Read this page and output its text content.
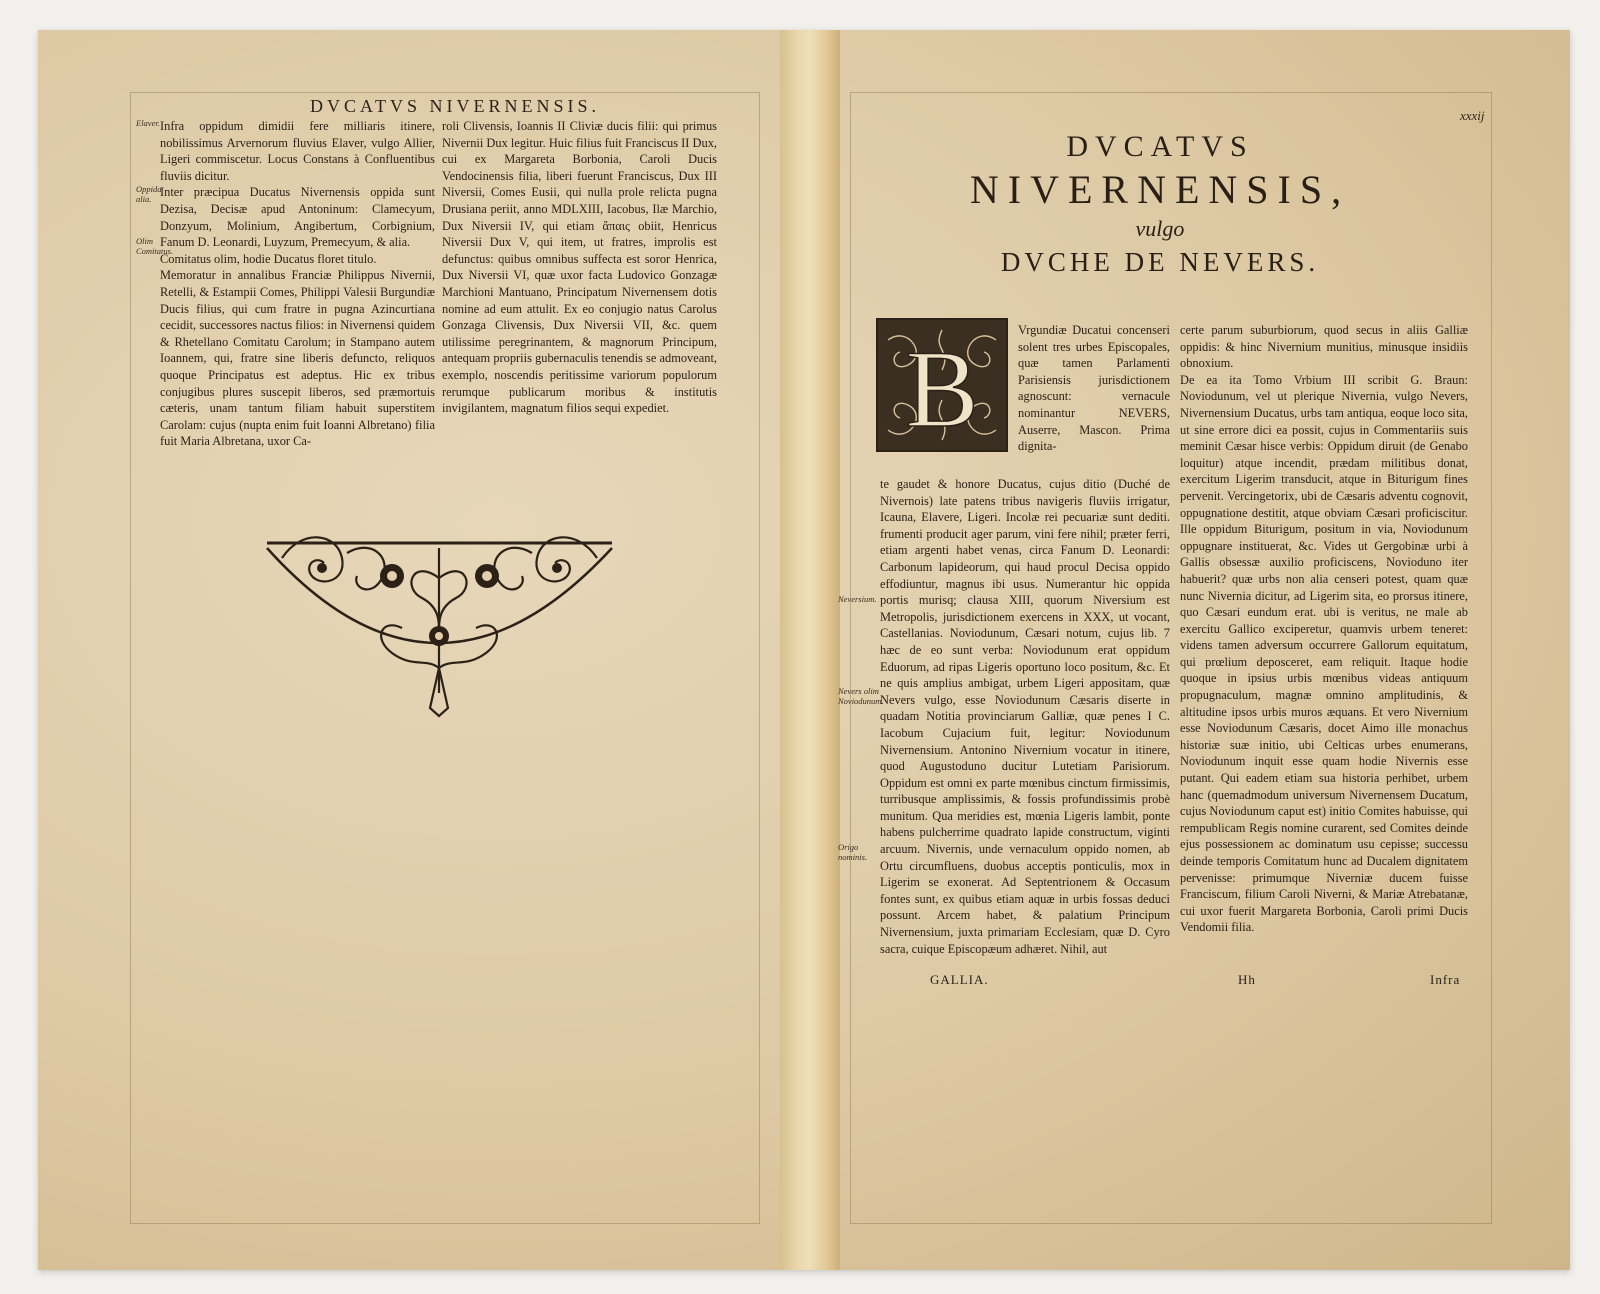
DVCATVS NIVERNENSIS.
Elaver.
Oppida alia.
Olim Comitatus.
Infra oppidum dimidii fere milliaris itinere, nobilissimus Arvernorum fluvius Elaver, vulgo Allier, Ligeri commiscetur. Locus Constans à Confluentibus fluviis dicitur.
Inter præcipua Ducatus Nivernensis oppida sunt Dezisa, Decisæ apud Antoninum: Clamecyum, Donzyum, Molinium, Angibertum, Corbignium, Fanum D. Leonardi, Luyzum, Premecyum, & alia.
Comitatus olim, hodie Ducatus floret titulo.
Memoratur in annalibus Franciæ Philippus Nivernii, Retelli, & Estampii Comes, Philippi Valesii Burgundiæ Ducis filius, qui cum fratre in pugna Azincurtiana cecidit, successores nactus filios: in Nivernensi quidem & Rhetellano Comitatu Carolum; in Stampano autem Ioannem, qui, fratre sine liberis defuncto, reliquos quoque Principatus est adeptus. Hic ex tribus conjugibus plures suscepit liberos, sed præmortuis cæteris, unam tantum filiam habuit superstitem Carolam: cujus (nupta enim fuit Ioanni Albretano) filia fuit Maria Albretana, uxor Ca-
roli Clivensis, Ioannis II Cliviæ ducis filii: qui primus Nivernii Dux legitur. Huic filius fuit Franciscus II Dux, cui ex Margareta Borbonia, Caroli Ducis Vendocinensis filia, liberi fuerunt Franciscus, Dux III Niversii, Comes Eusii, qui nulla prole relicta pugna Drusiana periit, anno MDLXIII, Iacobus, Ilæ Marchio, Dux Niversii IV, qui etiam ἄπαις obiit, Henricus Niversii Dux V, qui item, ut fratres, improlis est defunctus: quibus omnibus suffecta est soror Henrica, Dux Niversii VI, quæ uxor facta Ludovico Gonzagæ Marchioni Mantuano, Principatum Nivernensem dotis nomine ad eum attulit. Ex eo conjugio natus Carolus Gonzaga Clivensis, Dux Niversii VII, &c. quem utilissime peregrinantem, & magnorum Principum, antequam propriis gubernaculis tenendis se admoveant, exemplo, noscendis peritissime variorum populorum rerumque publicarum moribus & institutis invigilantem, magnatum filios sequi expediet.
xxxij
DVCATVS
NIVERNENSIS,
vulgo
DVCHE DE NEVERS.
B	Vrgundiæ Ducatui concenseri solent tres urbes Episcopales, quæ tamen Parlamenti Parisiensis jurisdictionem agnoscunt: vernacule nominantur NEVERS, Auserre, Mascon. Prima dignita-
te gaudet & honore Ducatus, cujus ditio (Duché de Nivernois) late patens tribus navigeris fluviis irrigatur, Icauna, Elavere, Ligeri. Incolæ rei pecuariæ sunt dediti. frumenti producit ager parum, vini fere nihil; præter ferri, etiam argenti habet venas, circa Fanum D. Leonardi: Carbonum lapideorum, qui haud procul Decisa oppido effodiuntur, magnus ibi usus. Numerantur hic oppida portis murisq; clausa XIII, quorum Niversium est Metropolis, jurisdictionem exercens in XXX, ut vocant, Castellanias. Noviodunum, Cæsari notum, cujus lib. 7 hæc de eo sunt verba: Noviodunum erat oppidum Eduorum, ad ripas Ligeris oportuno loco positum, &c. Et ne quis amplius ambigat, urbem Ligeri appositam, quæ Nevers vulgo, esse Noviodunum Cæsaris diserte in quadam Notitia provinciarum Galliæ, quæ penes I C. Iacobum Cujacium fuit, legitur: Noviodunum Nivernensium. Antonino Nivernium vocatur in itinere, quod Augustoduno ducitur Lutetiam Parisiorum. Oppidum est omni ex parte mœnibus cinctum firmissimis, turribusque amplissimis, & fossis profundissimis probè munitum. Qua meridies est, mœnia Ligeris lambit, ponte habens pulcherrime quadrato lapide constructum, viginti arcuum. Nivernis, unde vernaculum oppido nomen, ab Ortu circumfluens, duobus acceptis ponticulis, mox in Ligerim se exonerat. Ad Septentrionem & Occasum fontes sunt, ex quibus etiam aquæ in urbis fossas deduci possunt. Arcem habet, & palatium Principum Nivernensium, juxta primariam Ecclesiam, quæ D. Cyro sacra, cuique Episcopæum adhæret. Nihil, aut
certe parum suburbiorum, quod secus in aliis Galliæ oppidis: & hinc Nivernium munitius, minusque insidiis obnoxium.
De ea ita Tomo Vrbium III scribit G. Braun: Noviodunum, vel ut plerique Nivernia, vulgo Nevers, Nivernensium Ducatus, urbs tam antiqua, eoque loco sita, ut sine errore dici ea possit, cujus in Commentariis suis meminit Cæsar hisce verbis: Oppidum diruit (de Genabo loquitur) atque incendit, prædam militibus donat, exercitum Ligerim transducit, atque in Biturigum fines pervenit. Vercingetorix, ubi de Cæsaris adventu cognovit, oppugnatione destitit, atque obviam Cæsari proficiscitur. Ille oppidum Biturigum, positum in via, Noviodunum oppugnare instituerat, &c. Vides ut Gergobinæ urbi à Gallis obsessæ auxilio proficiscens, Novioduno iter habuerit? quæ urbs non alia censeri potest, quam quæ nunc Nivernia dicitur, ad Ligerim sita, eo prorsus itinere, quo Cæsari eundum erat. ubi is veritus, ne male ab exercitu Gallico exciperetur, quamvis urbem teneret: videns tamen adversum occurrere Gallorum equitatum, qui prœlium deposceret, eam reliquit. Itaque hodie quoque in ipsius urbis mœnibus videas antiquum propugnaculum, magnæ omnino amplitudinis, & altitudine ipsos urbis muros æquans. Et vero Nivernium esse Noviodunum Cæsaris, docet Aimo ille monachus historiæ suæ initio, ubi Celticas urbes enumerans, Noviodunum inquit esse quam hodie Nivernis esse putant. Qui eadem etiam sua historia perhibet, urbem hanc (quemadmodum universum Nivernensem Ducatum, cujus Noviodunum caput est) initio Comites habuisse, qui rempublicam Regis nomine curarent, sed Comites deinde ejus possessionem ac dominatum usu cepisse; successu deinde temporis Comitatum hunc ad Ducalem dignitatem pervenisse: primumque Niverniæ ducem fuisse Franciscum, filium Caroli Niverni, & Mariæ Atrebatanæ, cui uxor fuerit Margareta Borbonia, Caroli primi Ducis Vendomii filia.
Neversium.
Nevers olim Noviodunum.
Origo nominis.
GALLIA.	Hh	Infra
